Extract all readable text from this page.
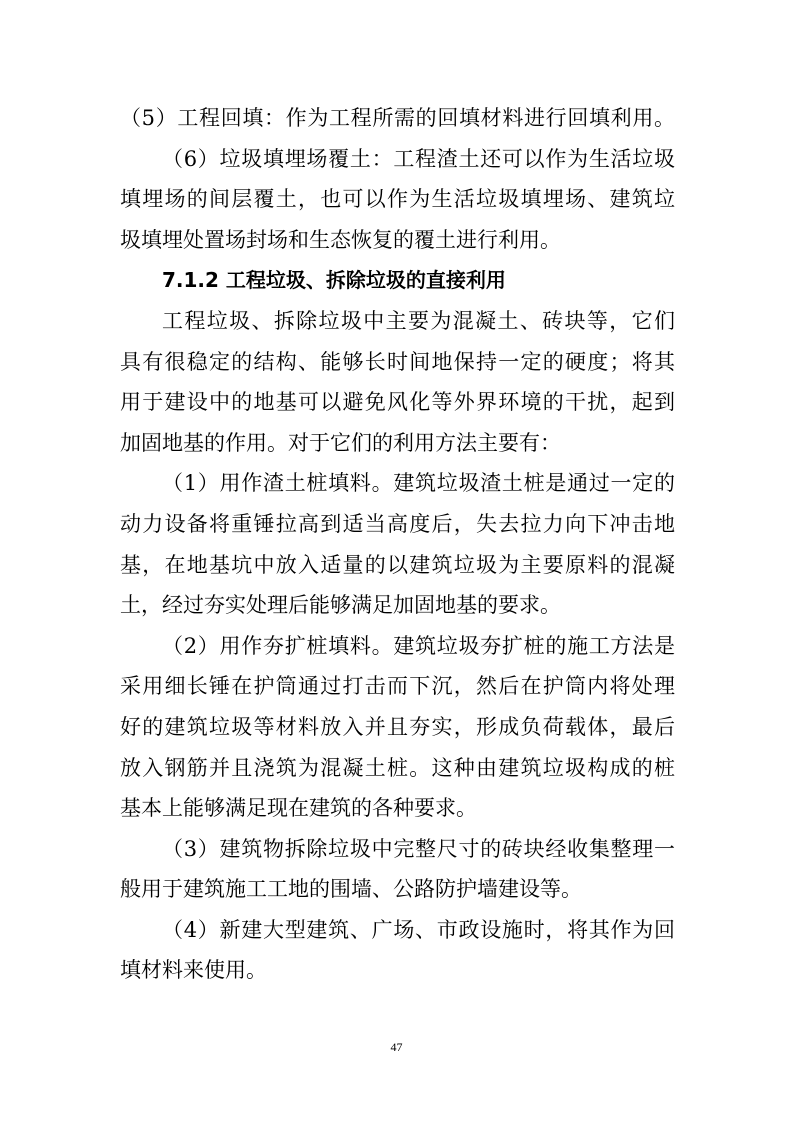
（5）工程回填：作为工程所需的回填材料进行回填利用。
（6）垃圾填埋场覆土：工程渣土还可以作为生活垃圾
填埋场的间层覆土，也可以作为生活垃圾填埋场、建筑垃
圾填埋处置场封场和生态恢复的覆土进行利用。
7.1.2 工程垃圾、拆除垃圾的直接利用
工程垃圾、拆除垃圾中主要为混凝土、砖块等，它们
具有很稳定的结构、能够长时间地保持一定的硬度；将其
用于建设中的地基可以避免风化等外界环境的干扰，起到
加固地基的作用。对于它们的利用方法主要有：
（1）用作渣土桩填料。建筑垃圾渣土桩是通过一定的
动力设备将重锤拉高到适当高度后，失去拉力向下冲击地
基，在地基坑中放入适量的以建筑垃圾为主要原料的混凝
土，经过夯实处理后能够满足加固地基的要求。
（2）用作夯扩桩填料。建筑垃圾夯扩桩的施工方法是
采用细长锤在护筒通过打击而下沉，然后在护筒内将处理
好的建筑垃圾等材料放入并且夯实，形成负荷载体，最后
放入钢筋并且浇筑为混凝土桩。这种由建筑垃圾构成的桩
基本上能够满足现在建筑的各种要求。
（3）建筑物拆除垃圾中完整尺寸的砖块经收集整理一
般用于建筑施工工地的围墙、公路防护墙建设等。
（4）新建大型建筑、广场、市政设施时，将其作为回
填材料来使用。
47
